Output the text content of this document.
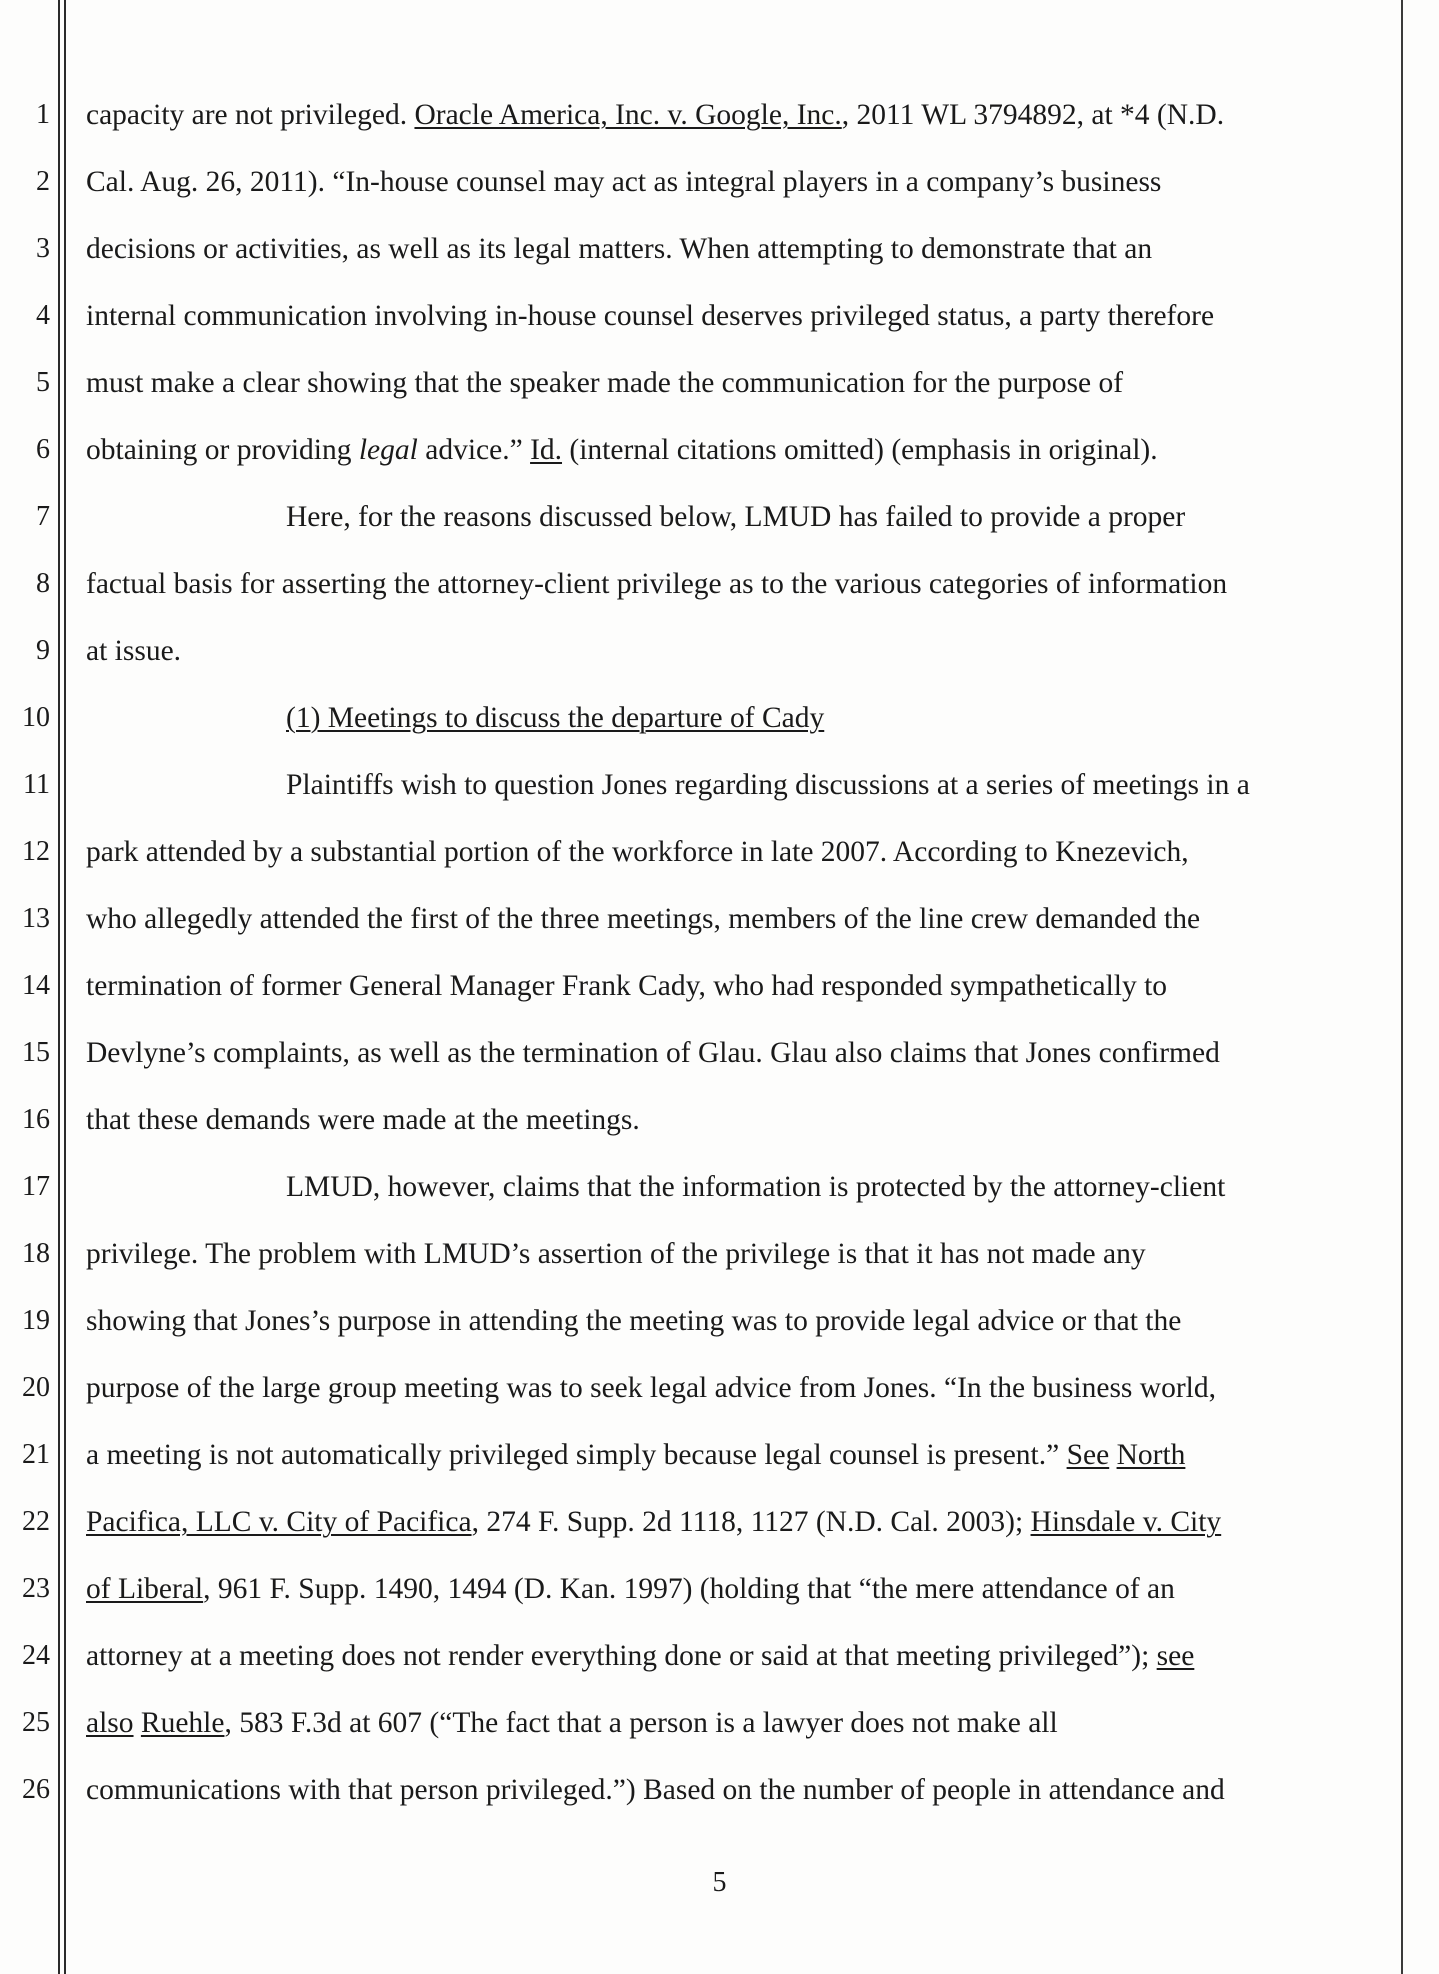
1
2
3
4
5
6
7
8
9
10
11
12
13
14
15
16
17
18
19
20
21
22
23
24
25
26
capacity are not privileged. Oracle America, Inc. v. Google, Inc., 2011 WL 3794892, at *4 (N.D.
Cal. Aug. 26, 2011). “In-house counsel may act as integral players in a company’s business
decisions or activities, as well as its legal matters. When attempting to demonstrate that an
internal communication involving in-house counsel deserves privileged status, a party therefore
must make a clear showing that the speaker made the communication for the purpose of
obtaining or providing legal advice.” Id. (internal citations omitted) (emphasis in original).
Here, for the reasons discussed below, LMUD has failed to provide a proper
factual basis for asserting the attorney-client privilege as to the various categories of information
at issue.
(1) Meetings to discuss the departure of Cady
Plaintiffs wish to question Jones regarding discussions at a series of meetings in a
park attended by a substantial portion of the workforce in late 2007. According to Knezevich,
who allegedly attended the first of the three meetings, members of the line crew demanded the
termination of former General Manager Frank Cady, who had responded sympathetically to
Devlyne’s complaints, as well as the termination of Glau. Glau also claims that Jones confirmed
that these demands were made at the meetings.
LMUD, however, claims that the information is protected by the attorney-client
privilege. The problem with LMUD’s assertion of the privilege is that it has not made any
showing that Jones’s purpose in attending the meeting was to provide legal advice or that the
purpose of the large group meeting was to seek legal advice from Jones. “In the business world,
a meeting is not automatically privileged simply because legal counsel is present.” See North
Pacifica, LLC v. City of Pacifica, 274 F. Supp. 2d 1118, 1127 (N.D. Cal. 2003); Hinsdale v. City
of Liberal, 961 F. Supp. 1490, 1494 (D. Kan. 1997) (holding that “the mere attendance of an
attorney at a meeting does not render everything done or said at that meeting privileged”); see
also Ruehle, 583 F.3d at 607 (“The fact that a person is a lawyer does not make all
communications with that person privileged.”) Based on the number of people in attendance and
5
